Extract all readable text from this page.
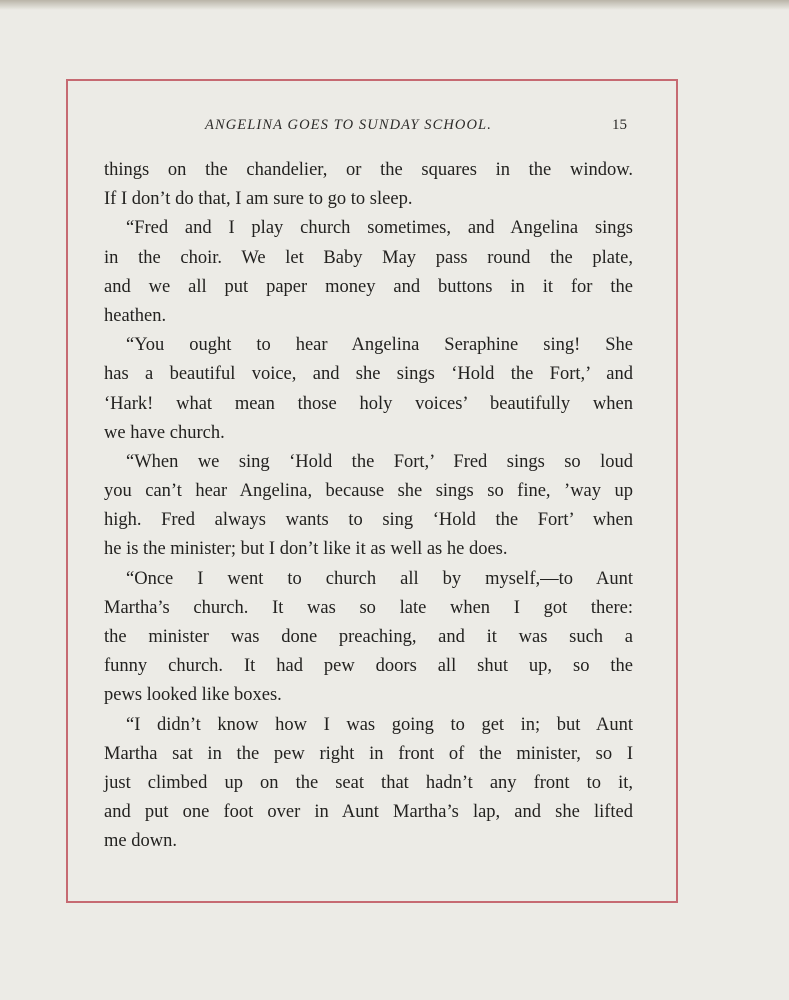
ANGELINA GOES TO SUNDAY SCHOOL.	15
things on the chandelier, or the squares in the window.
If I don’t do that, I am sure to go to sleep.
“Fred and I play church sometimes, and Angelina sings
in the choir. We let Baby May pass round the plate,
and we all put paper money and buttons in it for the
heathen.
“You ought to hear Angelina Seraphine sing! She
has a beautiful voice, and she sings ‘Hold the Fort,’ and
‘Hark! what mean those holy voices’ beautifully when
we have church.
“When we sing ‘Hold the Fort,’ Fred sings so loud
you can’t hear Angelina, because she sings so fine, ’way up
high. Fred always wants to sing ‘Hold the Fort’ when
he is the minister; but I don’t like it as well as he does.
“Once I went to church all by myself,—to Aunt
Martha’s church. It was so late when I got there:
the minister was done preaching, and it was such a
funny church. It had pew doors all shut up, so the
pews looked like boxes.
“I didn’t know how I was going to get in; but Aunt
Martha sat in the pew right in front of the minister, so I
just climbed up on the seat that hadn’t any front to it,
and put one foot over in Aunt Martha’s lap, and she lifted
me down.
